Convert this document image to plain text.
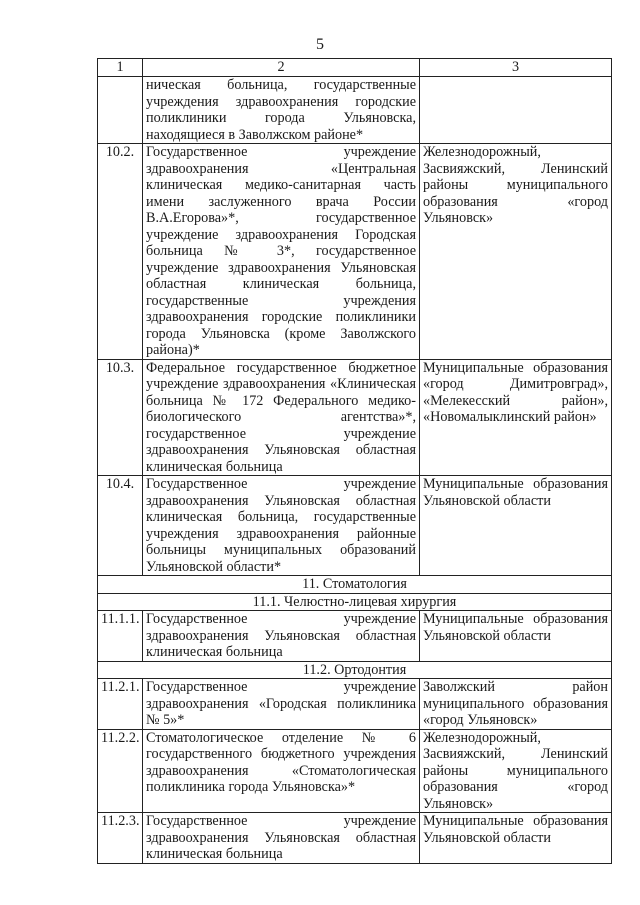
5
1	2	3
	ническая больница, государственные учреждения здравоохранения городские поликлиники города Ульяновска, находящиеся в Заволжском районе*	
10.2.	Государственное учреждение здравоохранения «Центральная клиническая медико-санитарная часть имени заслуженного врача России В.А.Егорова»*, государственное учреждение здравоохранения Городская больница № 3*, государственное учреждение здравоохранения Ульяновская областная клиническая больница, государственные учреждения здравоохранения городские поликлиники города Ульяновска (кроме Заволжского района)*	Железнодорожный, Засвияжский, Ленинский районы муниципального образования «город Ульяновск»
10.3.	Федеральное государственное бюджетное учреждение здравоохранения «Клиническая больница № 172 Федерального медико-биологического агентства»*, государственное учреждение здравоохранения Ульяновская областная клиническая больница	Муниципальные образования «город Димитровград», «Мелекесский район», «Новомалыклинский район»
10.4.	Государственное учреждение здравоохранения Ульяновская областная клиническая больница, государственные учреждения здравоохранения районные больницы муниципальных образований Ульяновской области*	Муниципальные образования Ульяновской области
11. Стоматология		
11.1. Челюстно-лицевая хирургия		
11.1.1.	Государственное учреждение здравоохранения Ульяновская областная клиническая больница	Муниципальные образования Ульяновской области
11.2. Ортодонтия		
11.2.1.	Государственное учреждение здравоохранения «Городская поликлиника № 5»*	Заволжский район муниципального образования «город Ульяновск»
11.2.2.	Стоматологическое отделение № 6 государственного бюджетного учреждения здравоохранения «Стоматологическая поликлиника города Ульяновска»*	Железнодорожный, Засвияжский, Ленинский районы муниципального образования «город Ульяновск»
11.2.3.	Государственное учреждение здравоохранения Ульяновская областная клиническая больница	Муниципальные образования Ульяновской области
